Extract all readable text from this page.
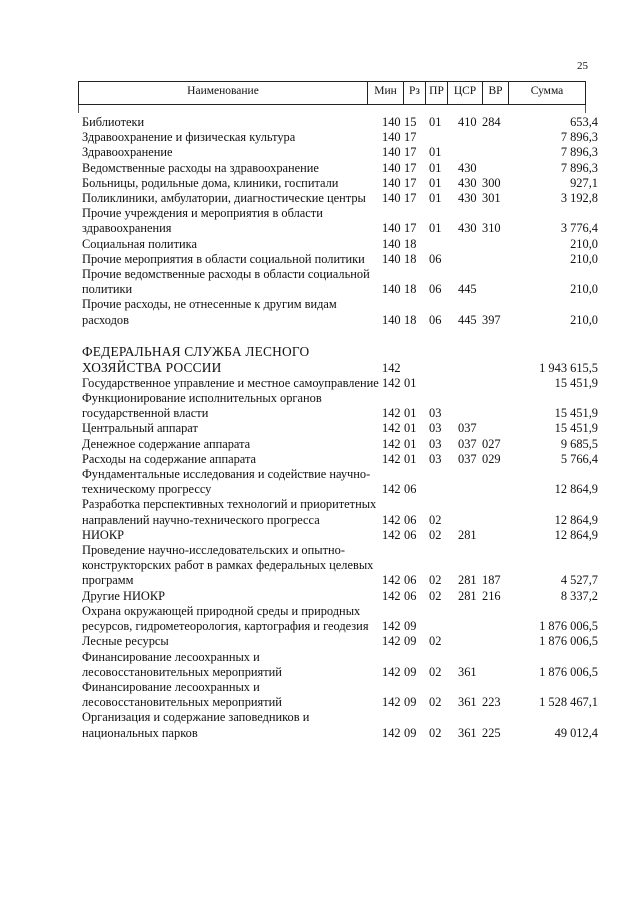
25
Наименование	Мин	Рз ПР ЦСР	ВР	Сумма
Библиотеки	140 15 01 410 284	653,4
Здравоохранение и физическая культура	140 17	7 896,3
Здравоохранение	140 17 01	7 896,3
Ведомственные расходы на здравоохранение	140 17 01 430	7 896,3
Больницы, родильные дома, клиники, госпитали	140 17 01 430 300	927,1
Поликлиники, амбулатории, диагностические центры	140 17 01 430 301	3 192,8
Прочие учреждения и мероприятия в области здравоохранения	140 17 01 430 310	3 776,4
Социальная политика	140 18	210,0
Прочие мероприятия в области социальной политики	140 18 06	210,0
Прочие ведомственные расходы в области социальной политики	140 18 06 445	210,0
Прочие расходы, не отнесенные к другим видам расходов	140 18 06 445 397	210,0
ФЕДЕРАЛЬНАЯ СЛУЖБА ЛЕСНОГО ХОЗЯЙСТВА РОССИИ	142	1 943 615,5
Государственное управление и местное самоуправление 142 01	15 451,9
Функционирование исполнительных органов государственной власти	142 01 03	15 451,9
Центральный аппарат	142 01 03 037	15 451,9
Денежное содержание аппарата	142 01 03 037 027	9 685,5
Расходы на содержание аппарата	142 01 03 037 029	5 766,4
Фундаментальные исследования и содействие научно-техническому прогрессу	142 06	12 864,9
Разработка перспективных технологий и приоритетных направлений научно-технического прогресса	142 06 02	12 864,9
НИОКР	142 06 02 281	12 864,9
Проведение научно-исследовательских и опытно-конструкторских работ в рамках федеральных целевых программ	142 06 02 281 187	4 527,7
Другие НИОКР	142 06 02 281 216	8 337,2
Охрана окружающей природной среды и природных ресурсов, гидрометеорология, картография и геодезия	142 09	1 876 006,5
Лесные ресурсы	142 09 02	1 876 006,5
Финансирование лесоохранных и лесовосстановительных мероприятий	142 09 02 361	1 876 006,5
Финансирование лесоохранных и лесовосстановительных мероприятий	142 09 02 361 223	1 528 467,1
Организация и содержание заповедников и национальных парков	142 09 02 361 225	49 012,4
